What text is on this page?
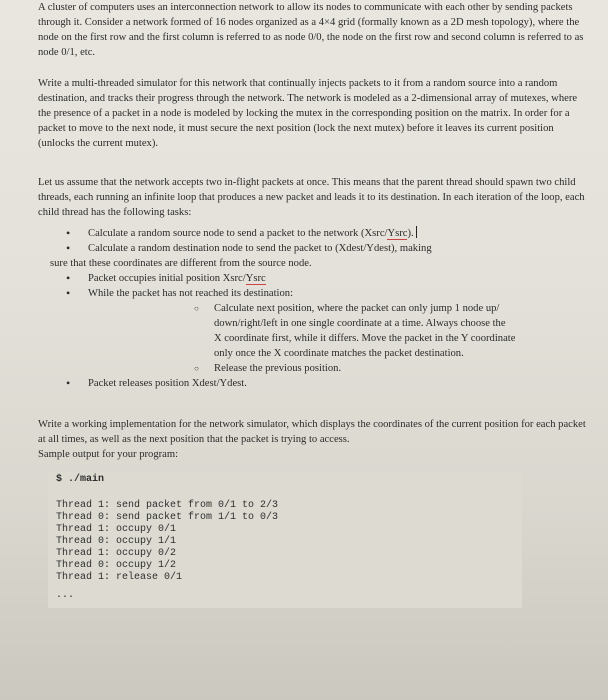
A cluster of computers uses an interconnection network to allow its nodes to communicate with each other by sending packets through it. Consider a network formed of 16 nodes organized as a 4×4 grid (formally known as a 2D mesh topology), where the node on the first row and the first column is referred to as node 0/0, the node on the first row and second column is referred to as node 0/1, etc.

Write a multi-threaded simulator for this network that continually injects packets to it from a random source into a random destination, and tracks their progress through the network. The network is modeled as a 2-dimensional array of mutexes, where the presence of a packet in a node is modeled by locking the mutex in the corresponding position on the matrix. In order for a packet to move to the next node, it must secure the next position (lock the next mutex) before it leaves its current position (unlocks the current mutex).

Let us assume that the network accepts two in-flight packets at once. This means that the parent thread should spawn two child threads, each running an infinite loop that produces a new packet and leads it to its destination. In each iteration of the loop, each child thread has the following tasks:

• Calculate a random source node to send a packet to the network (Xsrc/Ysrc).
• Calculate a random destination node to send the packet to (Xdest/Ydest), making
sure that these coordinates are different from the source node.
• Packet occupies initial position Xsrc/Ysrc
• While the packet has not reached its destination:
○ Calculate next position, where the packet can only jump 1 node up/
down/right/left in one single coordinate at a time. Always choose the
X coordinate first, while it differs. Move the packet in the Y coordinate
only once the X coordinate matches the packet destination.
○ Release the previous position.
• Packet releases position Xdest/Ydest.

Write a working implementation for the network simulator, which displays the coordinates of the current position for each packet at all times, as well as the next position that the packet is trying to access.

Sample output for your program:

$ ./main
Thread 1: send packet from 0/1 to 2/3
Thread 0: send packet from 1/1 to 0/3
Thread 1: occupy 0/1
Thread 0: occupy 1/1
Thread 1: occupy 0/2
Thread 0: occupy 1/2
Thread 1: release 0/1
...
